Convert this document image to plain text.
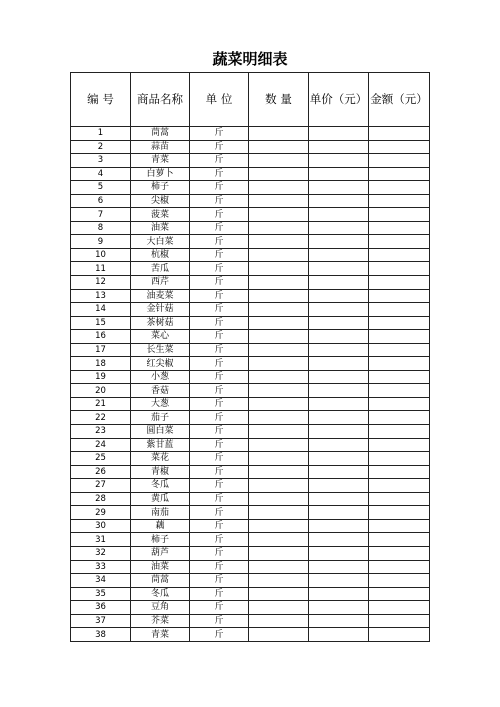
蔬菜明细表
编 号	商品名称	单 位	数 量	单价（元）	金额（元）
1	茼蒿	斤			
2	蒜苗	斤			
3	青菜	斤			
4	白萝卜	斤			
5	柿子	斤			
6	尖椒	斤			
7	菠菜	斤			
8	油菜	斤			
9	大白菜	斤			
10	杭椒	斤			
11	苦瓜	斤			
12	西芹	斤			
13	油麦菜	斤			
14	金针菇	斤			
15	茶树菇	斤			
16	菜心	斤			
17	长生菜	斤			
18	红尖椒	斤			
19	小葱	斤			
20	香菇	斤			
21	大葱	斤			
22	茄子	斤			
23	圆白菜	斤			
24	紫甘蓝	斤			
25	菜花	斤			
26	青椒	斤			
27	冬瓜	斤			
28	黄瓜	斤			
29	南茄	斤			
30	藕	斤			
31	柿子	斤			
32	葫芦	斤			
33	油菜	斤			
34	茼蒿	斤			
35	冬瓜	斤			
36	豆角	斤			
37	芥菜	斤			
38	青菜	斤			
